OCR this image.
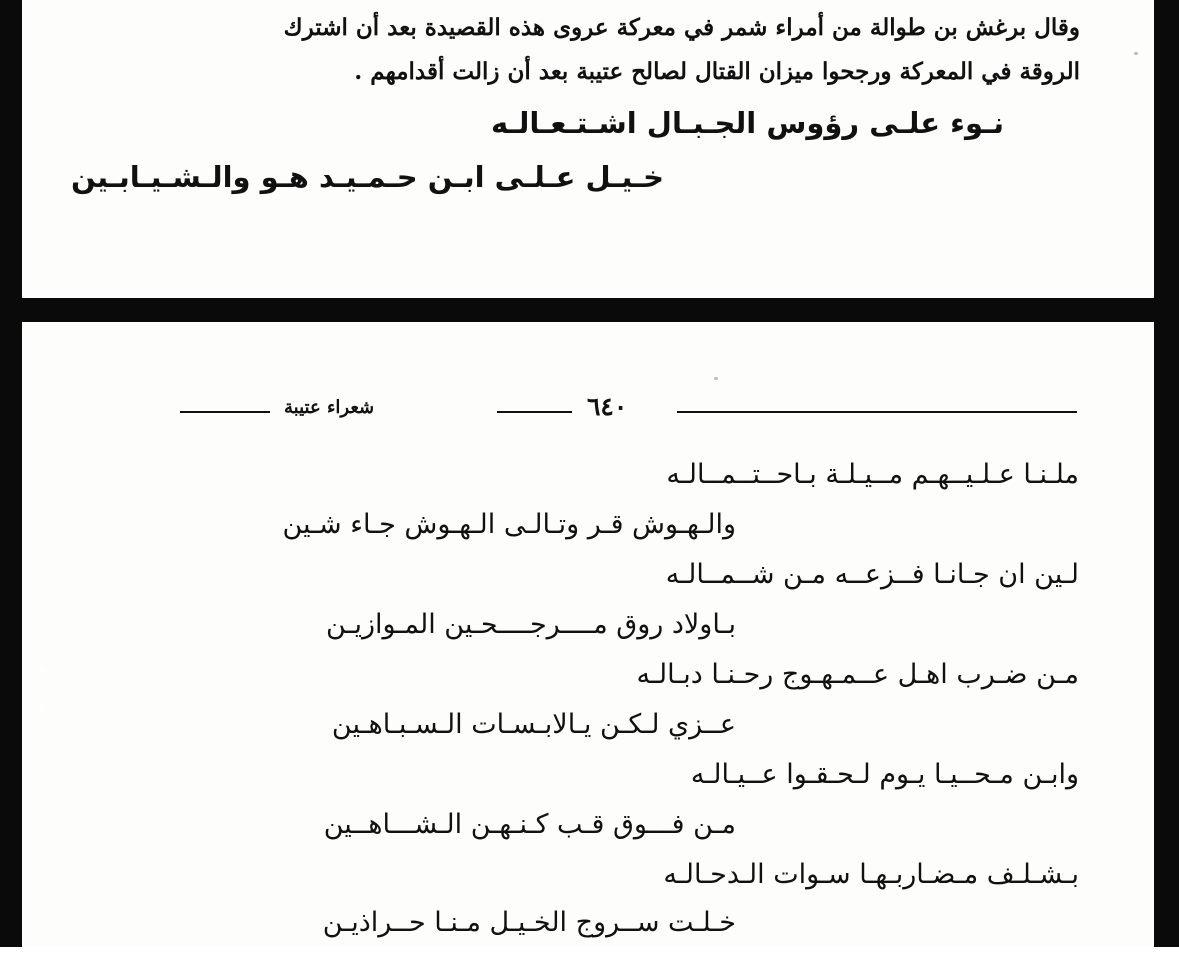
وقال برغش بن طوالة من أمراء شمر في معركة عروى هذه القصيدة بعد أن اشترك
الروقة في المعركة ورجحوا ميزان القتال لصالح عتيبة بعد أن زالت أقدامهم .
نـوء علـى رؤوس الجـبـال اشـتـعـالـه
خـيـل عـلـى ابـن حـمـيـد هـو والـشـيـابـين
٦٤٠
شعراء عتيبة
ملـنـا عـلـيــهـم مــيـلـة بـاحــتــمــالـه
والـهـوش قـر وتـالـى الـهـوش جـاء شـين
لـين ان جـانـا فــزعــه مـن شــمــالـه
بـاولاد روق مــــرجــــحـين المـوازيـن
مـن ضـرب اهـل عــمـهـوج رحـنـا دبـالـه
عــزي لـكـن يـالابـسـات الـسـبـاهـين
وابـن مـحــيـا يـوم لـحـقـوا عــيـالـه
مـن فـــوق قـب كـنـهـن الـشـــاهــين
بـشـلـف مـضـاربـهـا سـوات الـدحـالـه
خـلـت ســروج الخـيـل مـنـا حــراذيـن
